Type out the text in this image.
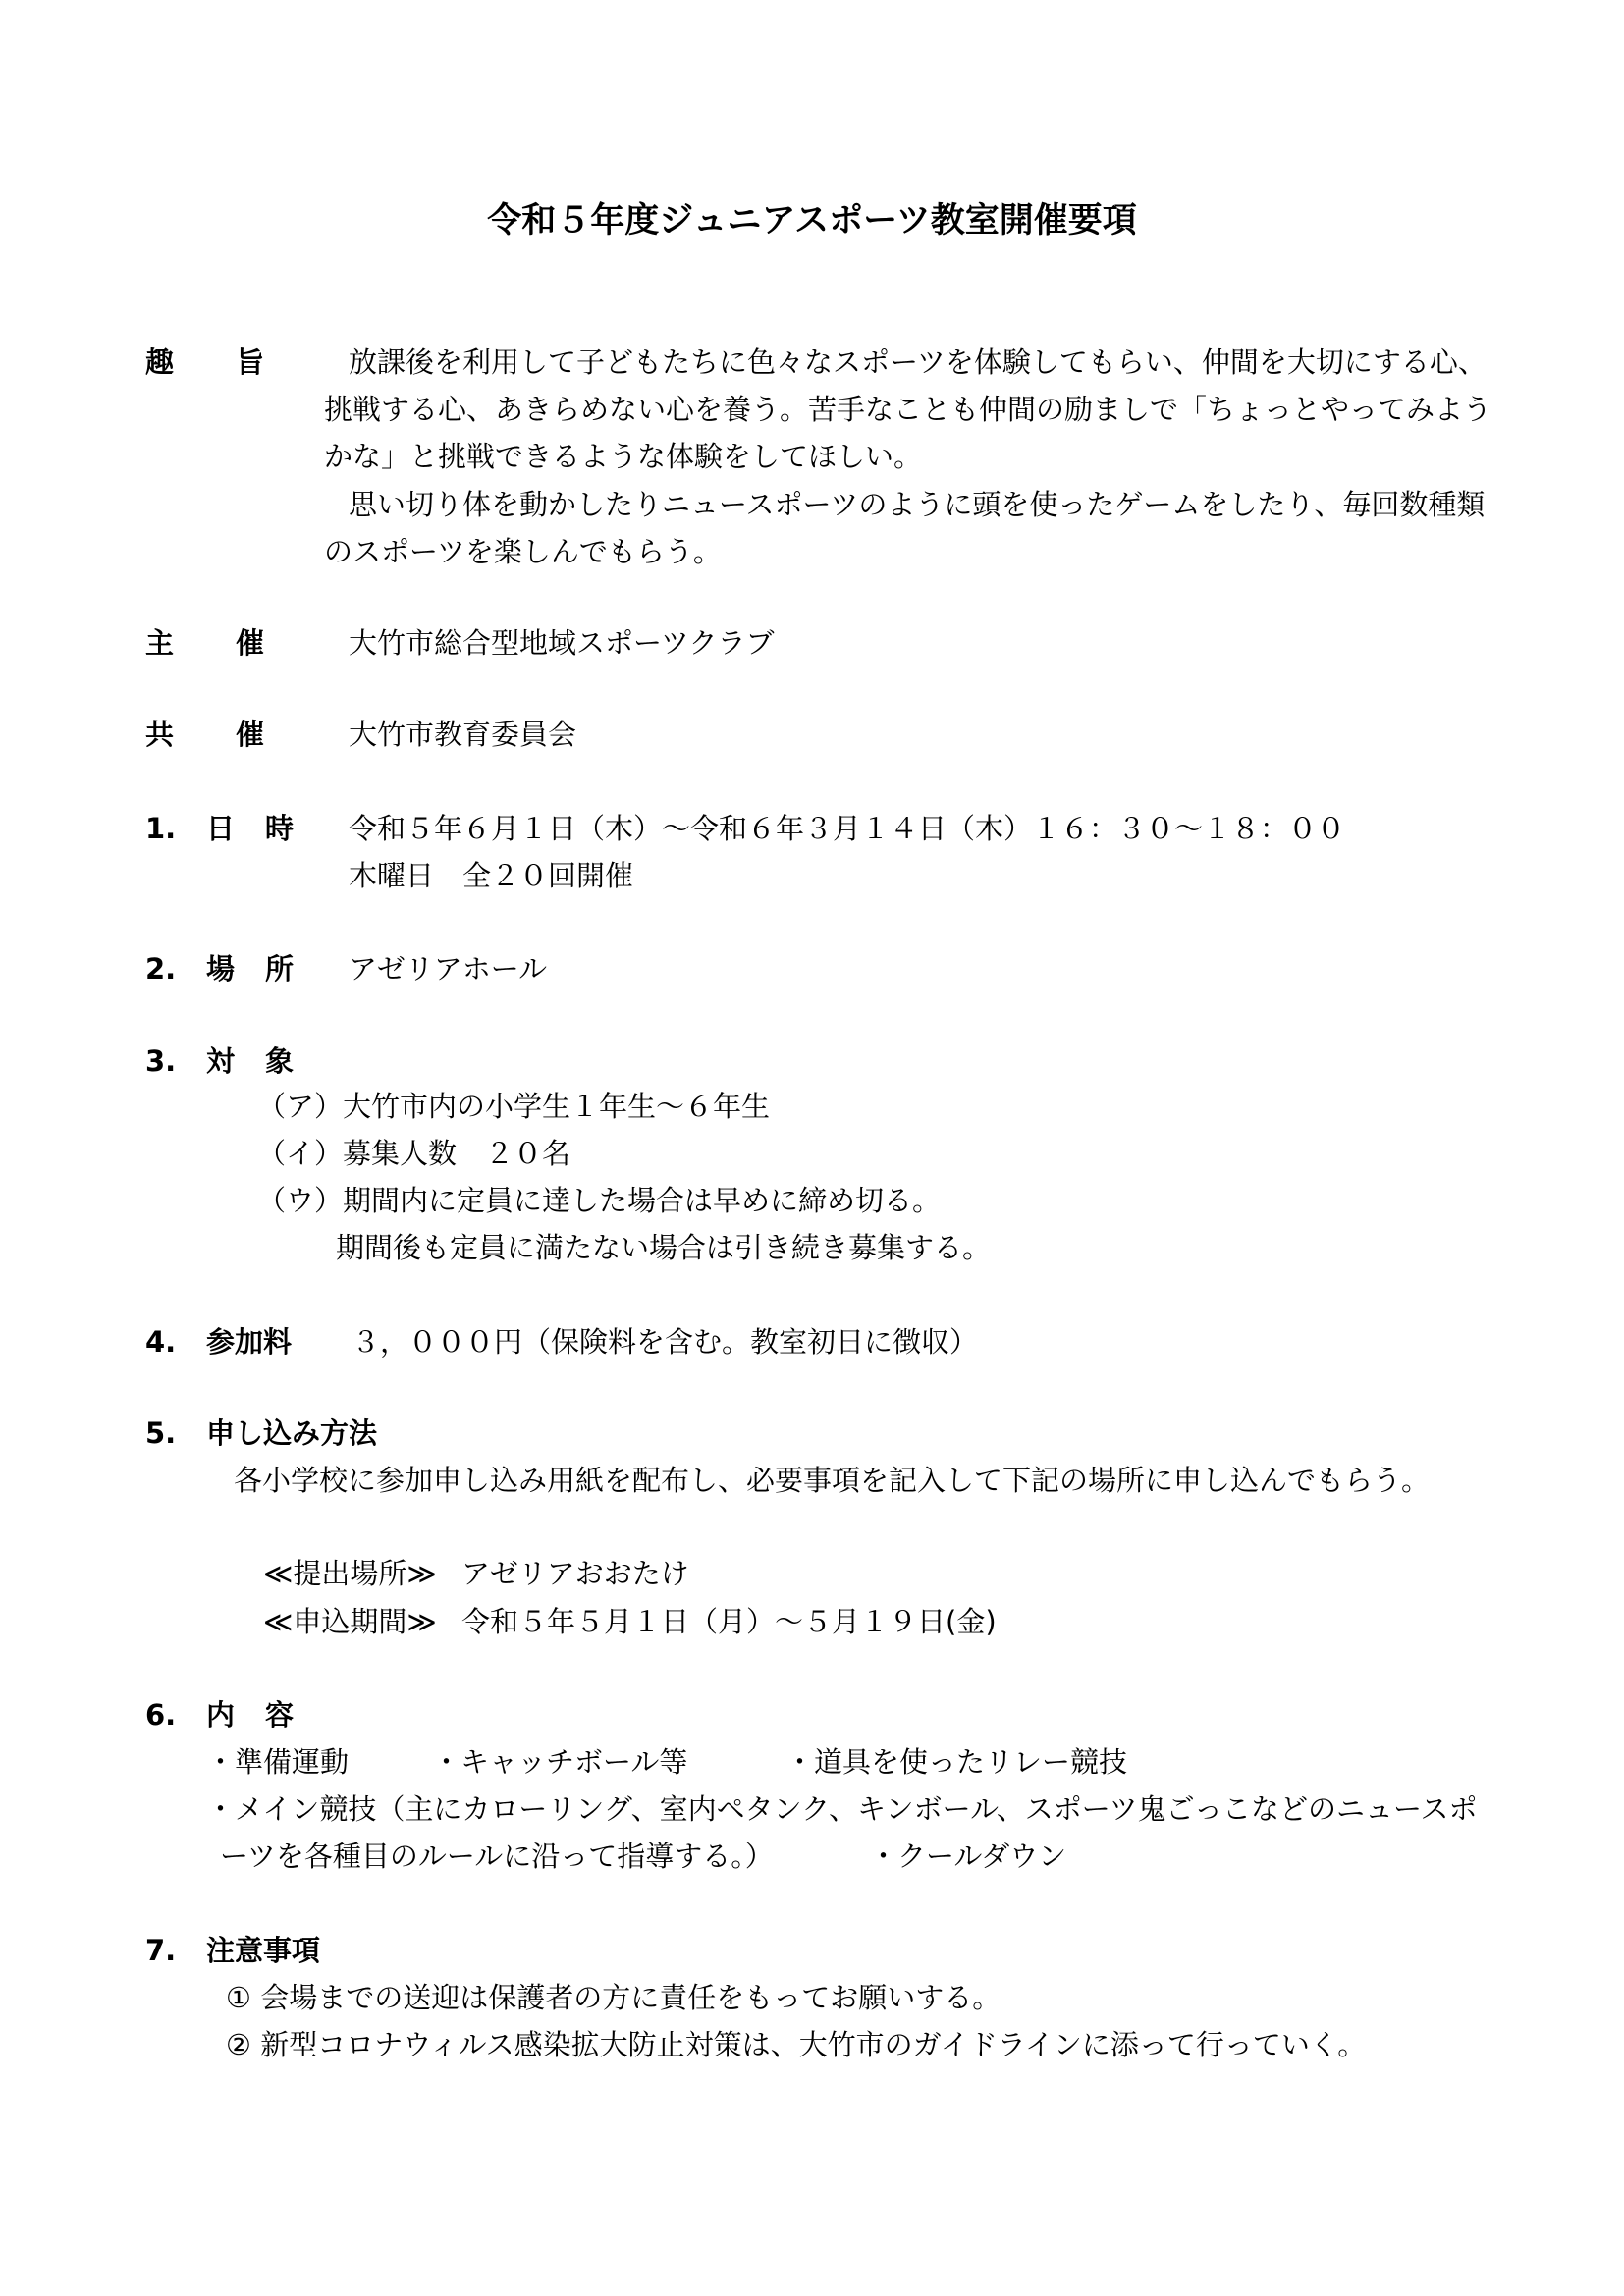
令和５年度ジュニアスポーツ教室開催要項
趣 旨	放課後を利用して子どもたちに色々なスポーツを体験してもらい、仲間を大切にする心、
挑戦する心、あきらめない心を養う。苦手なことも仲間の励ましで「ちょっとやってみよう
かな」と挑戦できるような体験をしてほしい。
思い切り体を動かしたりニュースポーツのように頭を使ったゲームをしたり、毎回数種類
のスポーツを楽しんでもらう。
主 催	大竹市総合型地域スポーツクラブ
共 催	大竹市教育委員会
1. 日 時 令和５年６月１日（木）～令和６年３月１４日（木）１６：３０～１８：００
木曜日　全２０回開催
2. 場 所 アゼリアホール
3. 対 象
（ア）大竹市内の小学生１年生～６年生
（イ）募集人数　２０名
（ウ）期間内に定員に達した場合は早めに締め切る。
期間後も定員に満たない場合は引き続き募集する。
4. 参加料 ３，０００円（保険料を含む。教室初日に徴収）
5. 申し込み方法
各小学校に参加申し込み用紙を配布し、必要事項を記入して下記の場所に申し込んでもらう。
≪提出場所≫ アゼリアおおたけ
≪申込期間≫ 令和５年５月１日（月）～５月１９日(金)
6. 内 容
・準備運動	・キャッチボール等	・道具を使ったリレー競技
・メイン競技（主にカローリング、室内ペタンク、キンボール、スポーツ鬼ごっこなどのニュースポ
ーツを各種目のルールに沿って指導する。）	・クールダウン
7. 注意事項
① 会場までの送迎は保護者の方に責任をもってお願いする。
② 新型コロナウィルス感染拡大防止対策は、大竹市のガイドラインに添って行っていく。
